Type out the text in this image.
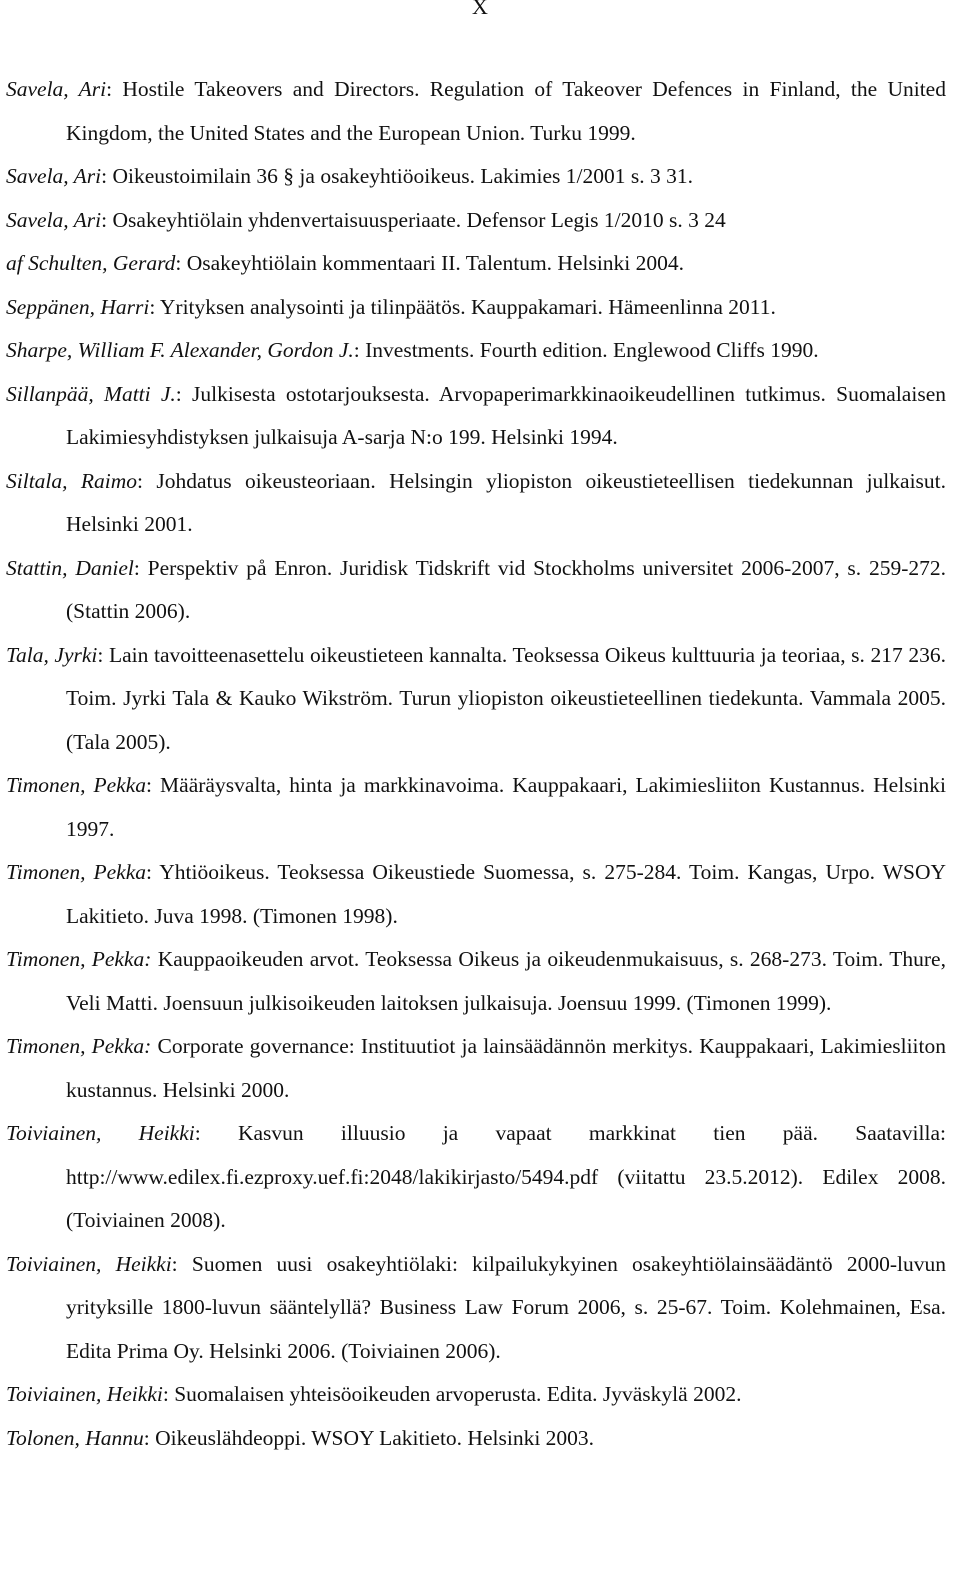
X

Savela, Ari: Hostile Takeovers and Directors. Regulation of Takeover Defences in Finland, the United Kingdom, the United States and the European Union. Turku 1999.

Savela, Ari: Oikeustoimilain 36 § ja osakeyhtiöoikeus. Lakimies 1/2001 s. 3 31.

Savela, Ari: Osakeyhtiölain yhdenvertaisuusperiaate. Defensor Legis 1/2010 s. 3 24

af Schulten, Gerard: Osakeyhtiölain kommentaari II. Talentum. Helsinki 2004.

Seppänen, Harri: Yrityksen analysointi ja tilinpäätös. Kauppakamari. Hämeenlinna 2011.

Sharpe, William F. Alexander, Gordon J.: Investments. Fourth edition. Englewood Cliffs 1990.

Sillanpää, Matti J.: Julkisesta ostotarjouksesta. Arvopaperimarkkinaoikeudellinen tutkimus. Suomalaisen Lakimiesyhdistyksen julkaisuja A-sarja N:o 199. Helsinki 1994.

Siltala, Raimo: Johdatus oikeusteoriaan. Helsingin yliopiston oikeustieteellisen tiedekunnan julkaisut. Helsinki 2001.

Stattin, Daniel: Perspektiv på Enron. Juridisk Tidskrift vid Stockholms universitet 2006-2007, s. 259-272. (Stattin 2006).

Tala, Jyrki: Lain tavoitteenasettelu oikeustieteen kannalta. Teoksessa Oikeus kulttuuria ja teoriaa, s. 217 236. Toim. Jyrki Tala & Kauko Wikström. Turun yliopiston oikeustieteellinen tiedekunta. Vammala 2005. (Tala 2005).

Timonen, Pekka: Määräysvalta, hinta ja markkinavoima. Kauppakaari, Lakimiesliiton Kustannus. Helsinki 1997.

Timonen, Pekka: Yhtiöoikeus. Teoksessa Oikeustiede Suomessa, s. 275-284. Toim. Kangas, Urpo. WSOY Lakitieto. Juva 1998. (Timonen 1998).

Timonen, Pekka: Kauppaoikeuden arvot. Teoksessa Oikeus ja oikeudenmukaisuus, s. 268-273. Toim. Thure, Veli Matti. Joensuun julkisoikeuden laitoksen julkaisuja. Joensuu 1999. (Timonen 1999).

Timonen, Pekka: Corporate governance: Instituutiot ja lainsäädännön merkitys. Kauppakaari, Lakimiesliiton kustannus. Helsinki 2000.

Toiviainen, Heikki: Kasvun illuusio ja vapaat markkinat tien pää. Saatavilla: http://www.edilex.fi.ezproxy.uef.fi:2048/lakikirjasto/5494.pdf (viitattu 23.5.2012). Edilex 2008. (Toiviainen 2008).

Toiviainen, Heikki: Suomen uusi osakeyhtiölaki: kilpailukykyinen osakeyhtiölainsäädäntö 2000-luvun yrityksille 1800-luvun sääntelyllä? Business Law Forum 2006, s. 25-67. Toim. Kolehmainen, Esa. Edita Prima Oy. Helsinki 2006. (Toiviainen 2006).

Toiviainen, Heikki: Suomalaisen yhteisöoikeuden arvoperusta. Edita. Jyväskylä 2002.

Tolonen, Hannu: Oikeuslähdeoppi. WSOY Lakitieto. Helsinki 2003.
